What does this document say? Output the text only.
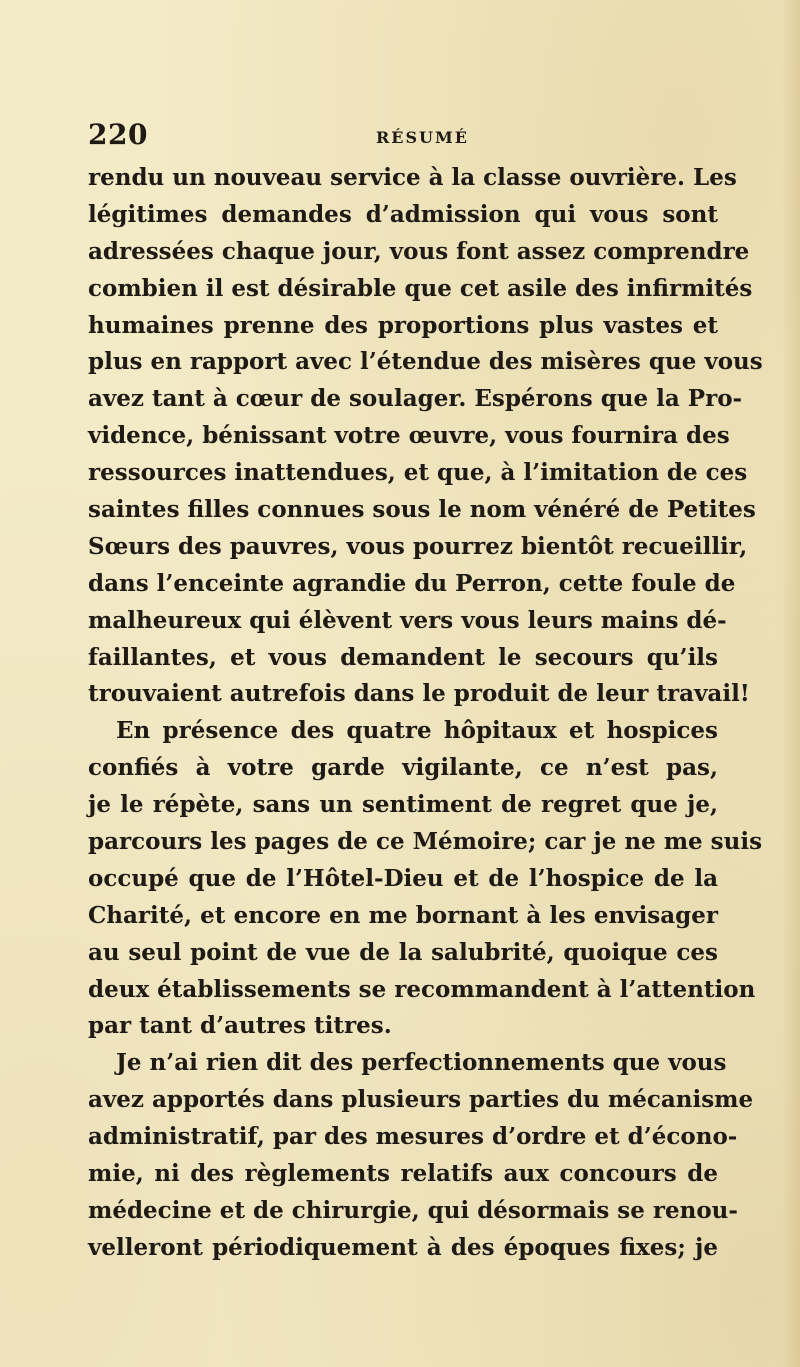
220	RÉSUMÉ
rendu un nouveau service à la classe ouvrière. Les
légitimes demandes d’admission qui vous sont
adressées chaque jour, vous font assez comprendre
combien il est désirable que cet asile des infirmités
humaines prenne des proportions plus vastes et
plus en rapport avec l’étendue des misères que vous
avez tant à cœur de soulager. Espérons que la Pro-
vidence, bénissant votre œuvre, vous fournira des
ressources inattendues, et que, à l’imitation de ces
saintes filles connues sous le nom vénéré de Petites
Sœurs des pauvres, vous pourrez bientôt recueillir,
dans l’enceinte agrandie du Perron, cette foule de
malheureux qui élèvent vers vous leurs mains dé-
faillantes, et vous demandent le secours qu’ils
trouvaient autrefois dans le produit de leur travail!
En présence des quatre hôpitaux et hospices
confiés à votre garde vigilante, ce n’est pas,
je le répète, sans un sentiment de regret que je,
parcours les pages de ce Mémoire; car je ne me suis
occupé que de l’Hôtel-Dieu et de l’hospice de la
Charité, et encore en me bornant à les envisager
au seul point de vue de la salubrité, quoique ces
deux établissements se recommandent à l’attention
par tant d’autres titres.
Je n’ai rien dit des perfectionnements que vous
avez apportés dans plusieurs parties du mécanisme
administratif, par des mesures d’ordre et d’écono-
mie, ni des règlements relatifs aux concours de
médecine et de chirurgie, qui désormais se renou-
velleront périodiquement à des époques fixes; je
